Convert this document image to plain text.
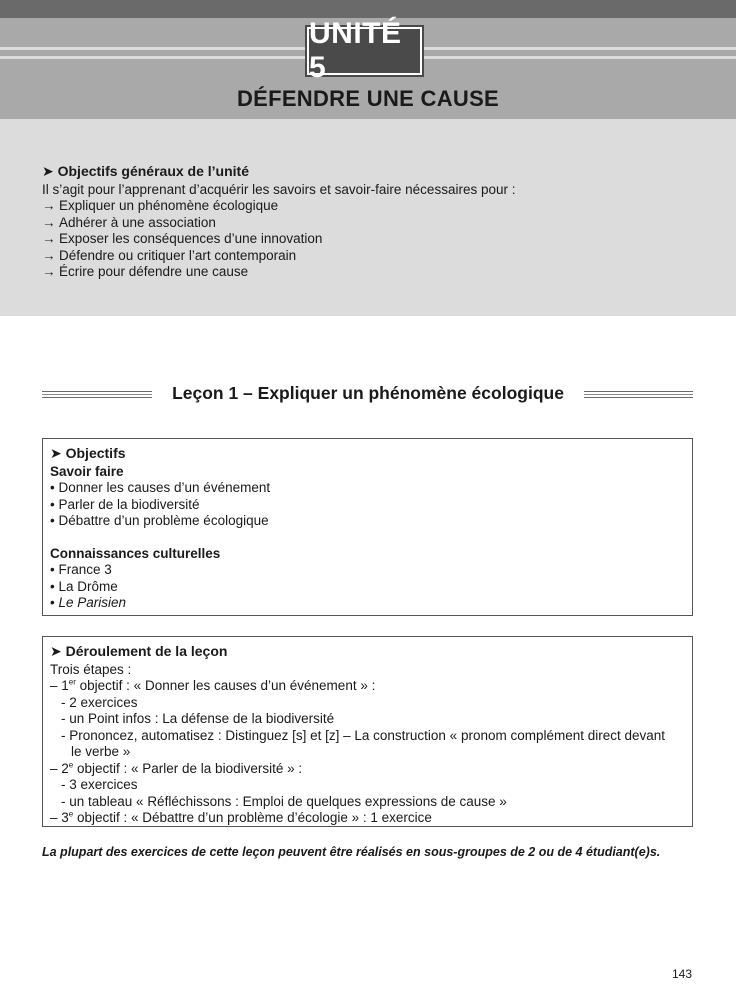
UNITÉ 5
DÉFENDRE UNE CAUSE
➤ Objectifs généraux de l’unité
Il s’agit pour l’apprenant d’acquérir les savoirs et savoir-faire nécessaires pour :
→ Expliquer un phénomène écologique
→ Adhérer à une association
→ Exposer les conséquences d’une innovation
→ Défendre ou critiquer l’art contemporain
→ Écrire pour défendre une cause
Leçon 1 – Expliquer un phénomène écologique
➤ Objectifs
Savoir faire
• Donner les causes d’un événement
• Parler de la biodiversité
• Débattre d’un problème écologique
Connaissances culturelles
• France 3
• La Drôme
• Le Parisien
➤ Déroulement de la leçon
Trois étapes :
– 1er objectif : « Donner les causes d’un événement » :
- 2 exercices
- un Point infos : La défense de la biodiversité
- Prononcez, automatisez : Distinguez [s] et [z] – La construction « pronom complément direct devant
le verbe »
– 2e objectif : « Parler de la biodiversité » :
- 3 exercices
- un tableau « Réfléchissons : Emploi de quelques expressions de cause »
– 3e objectif : « Débattre d’un problème d’écologie » : 1 exercice
La plupart des exercices de cette leçon peuvent être réalisés en sous-groupes de 2 ou de 4 étudiant(e)s.
143
